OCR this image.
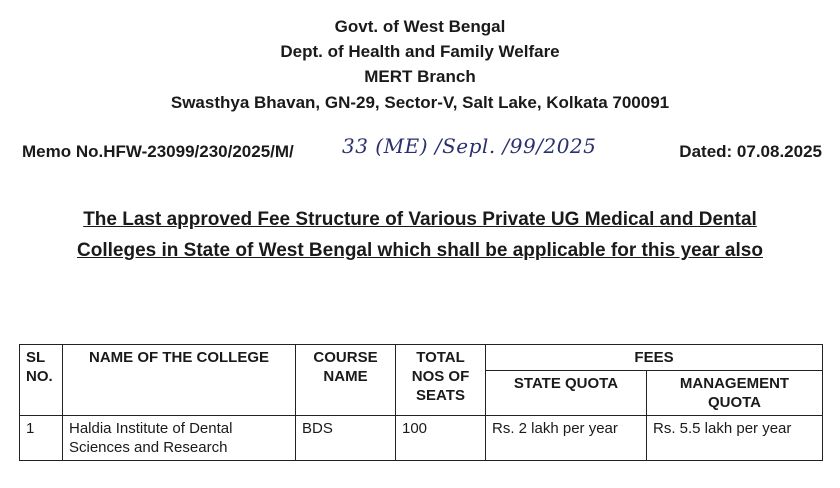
Govt. of West Bengal
Dept. of Health and Family Welfare
MERT Branch
Swasthya Bhavan, GN-29, Sector-V, Salt Lake, Kolkata 700091
Memo No.HFW-23099/230/2025/M/ 33 (ME) /Sepl. /99/2025	Dated: 07.08.2025
The Last approved Fee Structure of Various Private UG Medical and Dental
Colleges in State of West Bengal which shall be applicable for this year also
SL NO.	NAME OF THE COLLEGE	COURSE NAME	TOTAL NOS OF SEATS	FEES	
				STATE QUOTA	MANAGEMENT QUOTA
1	Haldia Institute of Dental Sciences and Research	BDS	100	Rs. 2 lakh per year	Rs. 5.5 lakh per year
